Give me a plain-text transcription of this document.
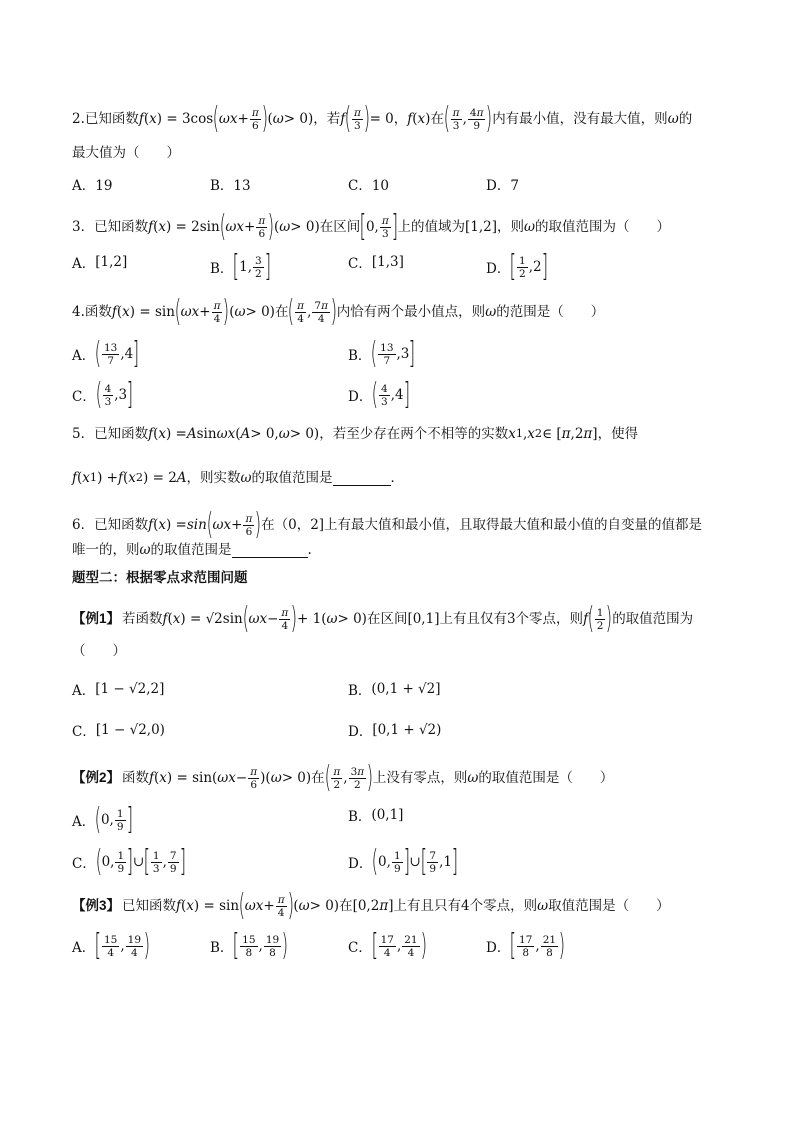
2.已知函数 f ( x ) = 3cos ( $\omega x + \frac{\pi}{6}$ ) ( ω > 0) ，若 f ( $\frac{\pi}{3}$ ) = 0 ， f ( x )在 ( $\frac{\pi}{3}$ , $\frac{4\pi}{9}$ ) 内有最小值，没有最大值，则 ω 的
最大值为（　　）
A．19	B．13	C．10	D．7
3．已知函数 f ( x ) = 2sin ( $\omega x + \frac{\pi}{6}$ ) ( ω > 0) 在区间 [ 0, $\frac{\pi}{3}$ ] 上的值域为 [1,2] ，则 ω 的取值范围为（　　）
A． [1,2]	B． [ 1, $\frac{3}{2}$ ]	C． [1,3]	D． [ $\frac{1}{2} ,2$ ]
4.函数 f ( x ) = sin ( $\omega x + \frac{\pi}{4}$ ) ( ω > 0) 在 ( $\frac{\pi}{4}$ , $\frac{7\pi}{4}$ ) 内恰有两个最小值点，则 ω 的范围是（　　）
A． ( $\frac{13}{7} ,4$ ]	B． ( $\frac{13}{7} ,3$ ]
C． ( $\frac{4}{3} ,3$ ]	D． ( $\frac{4}{3} ,4$ ]
5．已知函数 f ( x ) = A sin ωx ( A > 0, ω > 0) ，若至少存在两个不相等的实数 x 1 , x 2 ∈ [ π ,2 π ] ，使得
f ( x 1 ) + f ( x 2 ) = 2 A ，则实数 ω 的取值范围是	．
6．已知函数 f ( x ) = sin ( $\omega x + \frac{\pi}{6}$ ) 在（0，2]上有最大值和最小值，且取得最大值和最小值的自变量的值都是
唯一的，则 ω 的取值范围是	.
题型二：根据零点求范围问题
【例1】 若函数 f ( x ) = √2sin ( $\omega x - \frac{\pi}{4}$ ) + 1( ω > 0) 在区间 [0,1] 上有且仅有3个零点，则 f ( $\frac{1}{2}$ ) 的取值范围为
（　　）
A． [1 − √2,2]	B． (0,1 + √2]
C． [1 − √2,0)	D． [0,1 + √2)
【例2】 函数 f ( x ) = sin( $\omega x - \frac{\pi}{6}$ )( ω > 0) 在 ( $\frac{\pi}{2}$ , $\frac{3\pi}{2}$ ) 上没有零点，则 ω 的取值范围是（　　）
A． ( 0, $\frac{1}{9}$ ]	B． (0,1]
C． ( 0, $\frac{1}{9}$ ] ∪ [ $\frac{1}{3}$ , $\frac{7}{9}$ ]	D． ( 0, $\frac{1}{9}$ ] ∪ [ $\frac{7}{9} ,1$ ]
【例3】 已知函数 f ( x ) = sin ( $\omega x + \frac{\pi}{4}$ ) ( ω > 0) 在 [0,2 π ] 上有且只有4个零点，则 ω 取值范围是（　　）
A． [ $\frac{15}{4}$ , $\frac{19}{4}$ )	B． [ $\frac{15}{8}$ , $\frac{19}{8}$ )	C． [ $\frac{17}{4}$ , $\frac{21}{4}$ )	D． [ $\frac{17}{8}$ , $\frac{21}{8}$ )
